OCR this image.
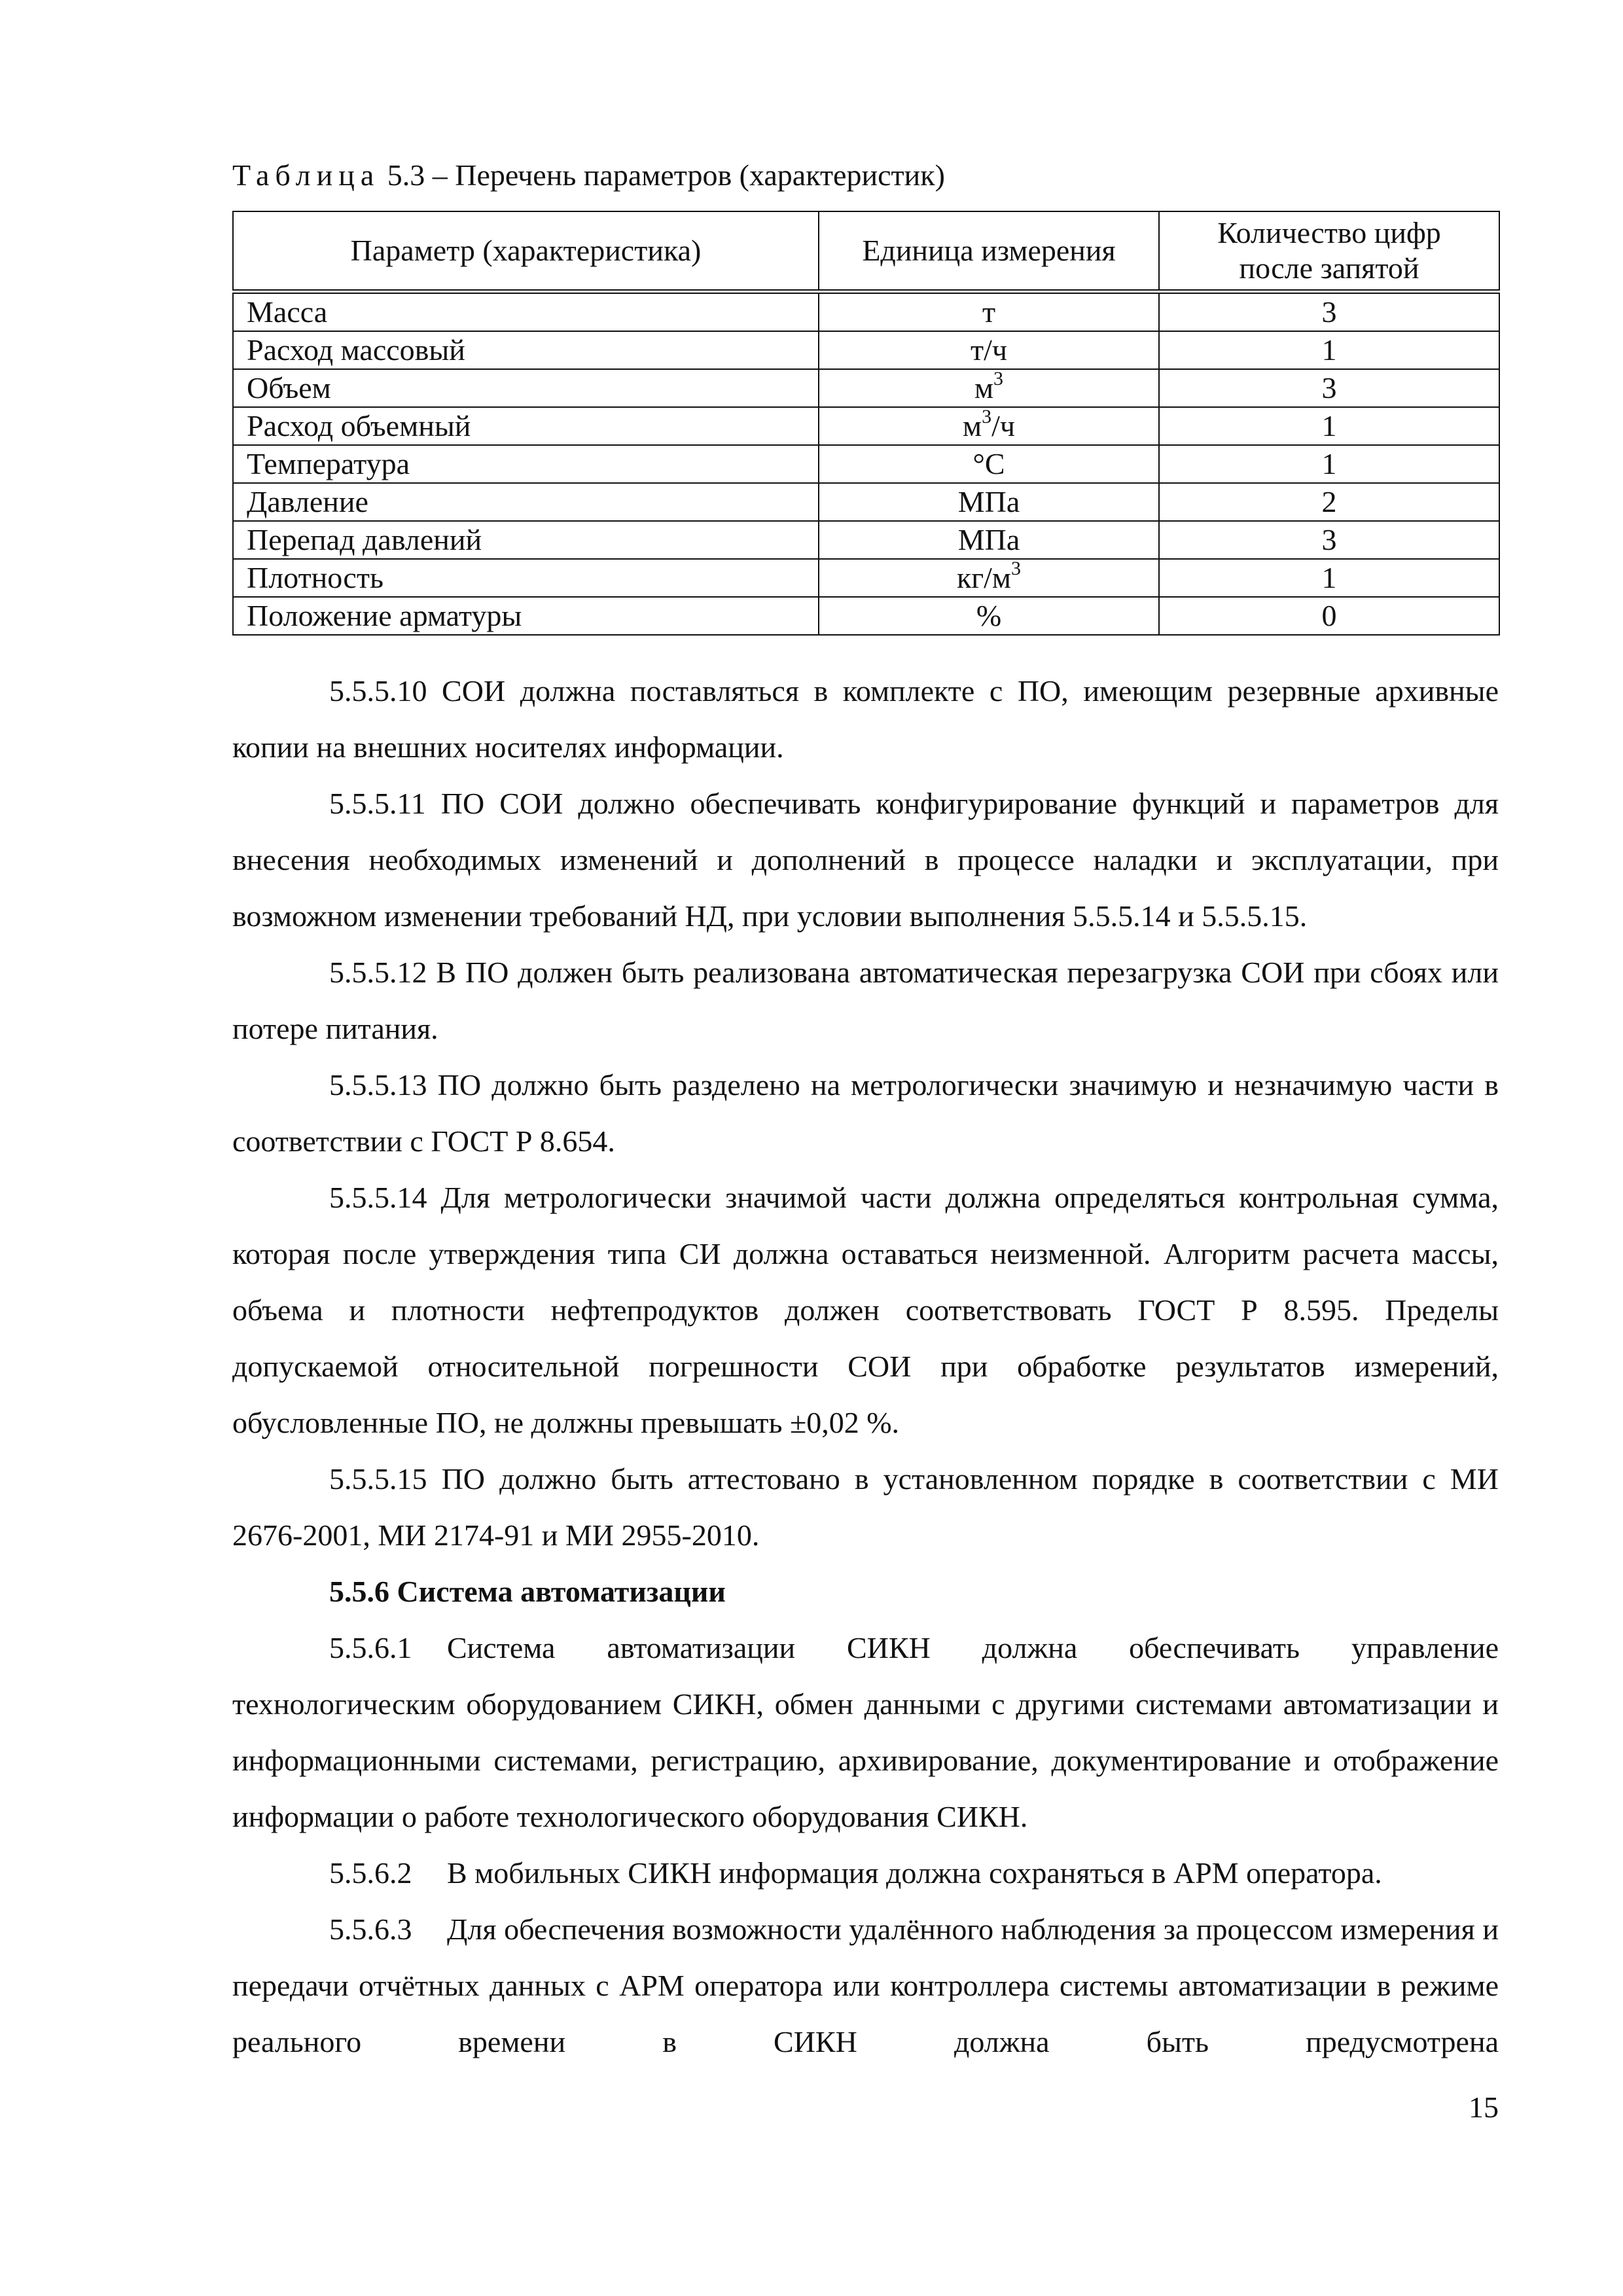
Таблица 5.3 – Перечень параметров (характеристик)
Параметр (характеристика)	Единица измерения	Количество цифр
после запятой
Масса	т	3
Расход массовый	т/ч	1
Объем	$м^3$	3
Расход объемный	$м^3/ч$	1
Температура	°С	1
Давление	МПа	2
Перепад давлений	МПа	3
Плотность	$кг/м^3$	1
Положение арматуры	%	0

5.5.5.10 СОИ должна поставляться в комплекте с ПО, имеющим резервные архивные копии на внешних носителях информации.

5.5.5.11 ПО СОИ должно обеспечивать конфигурирование функций и параметров для внесения необходимых изменений и дополнений в процессе наладки и эксплуатации, при возможном изменении требований НД, при условии выполнения 5.5.5.14 и 5.5.5.15.

5.5.5.12 В ПО должен быть реализована автоматическая перезагрузка СОИ при сбоях или потере питания.

5.5.5.13 ПО должно быть разделено на метрологически значимую и незначимую части в соответствии с ГОСТ Р 8.654.

5.5.5.14 Для метрологически значимой части должна определяться контрольная сумма, которая после утверждения типа СИ должна оставаться неизменной. Алгоритм расчета массы, объема и плотности нефтепродуктов должен соответствовать ГОСТ Р 8.595. Пределы допускаемой относительной погрешности СОИ при обработке результатов измерений, обусловленные ПО, не должны превышать ±0,02 %.

5.5.5.15 ПО должно быть аттестовано в установленном порядке в соответствии с МИ 2676-2001, МИ 2174-91 и МИ 2955-2010.

5.5.6 Система автоматизации

5.5.6.1 Система автоматизации СИКН должна обеспечивать управление технологическим оборудованием СИКН, обмен данными с другими системами автоматизации и информационными системами, регистрацию, архивирование, документирование и отображение информации о работе технологического оборудования СИКН.

5.5.6.2 В мобильных СИКН информация должна сохраняться в АРМ оператора.

5.5.6.3 Для обеспечения возможности удалённого наблюдения за процессом измерения и передачи отчётных данных с АРМ оператора или контроллера системы автоматизации в режиме реального времени в СИКН должна быть предусмотрена

15
